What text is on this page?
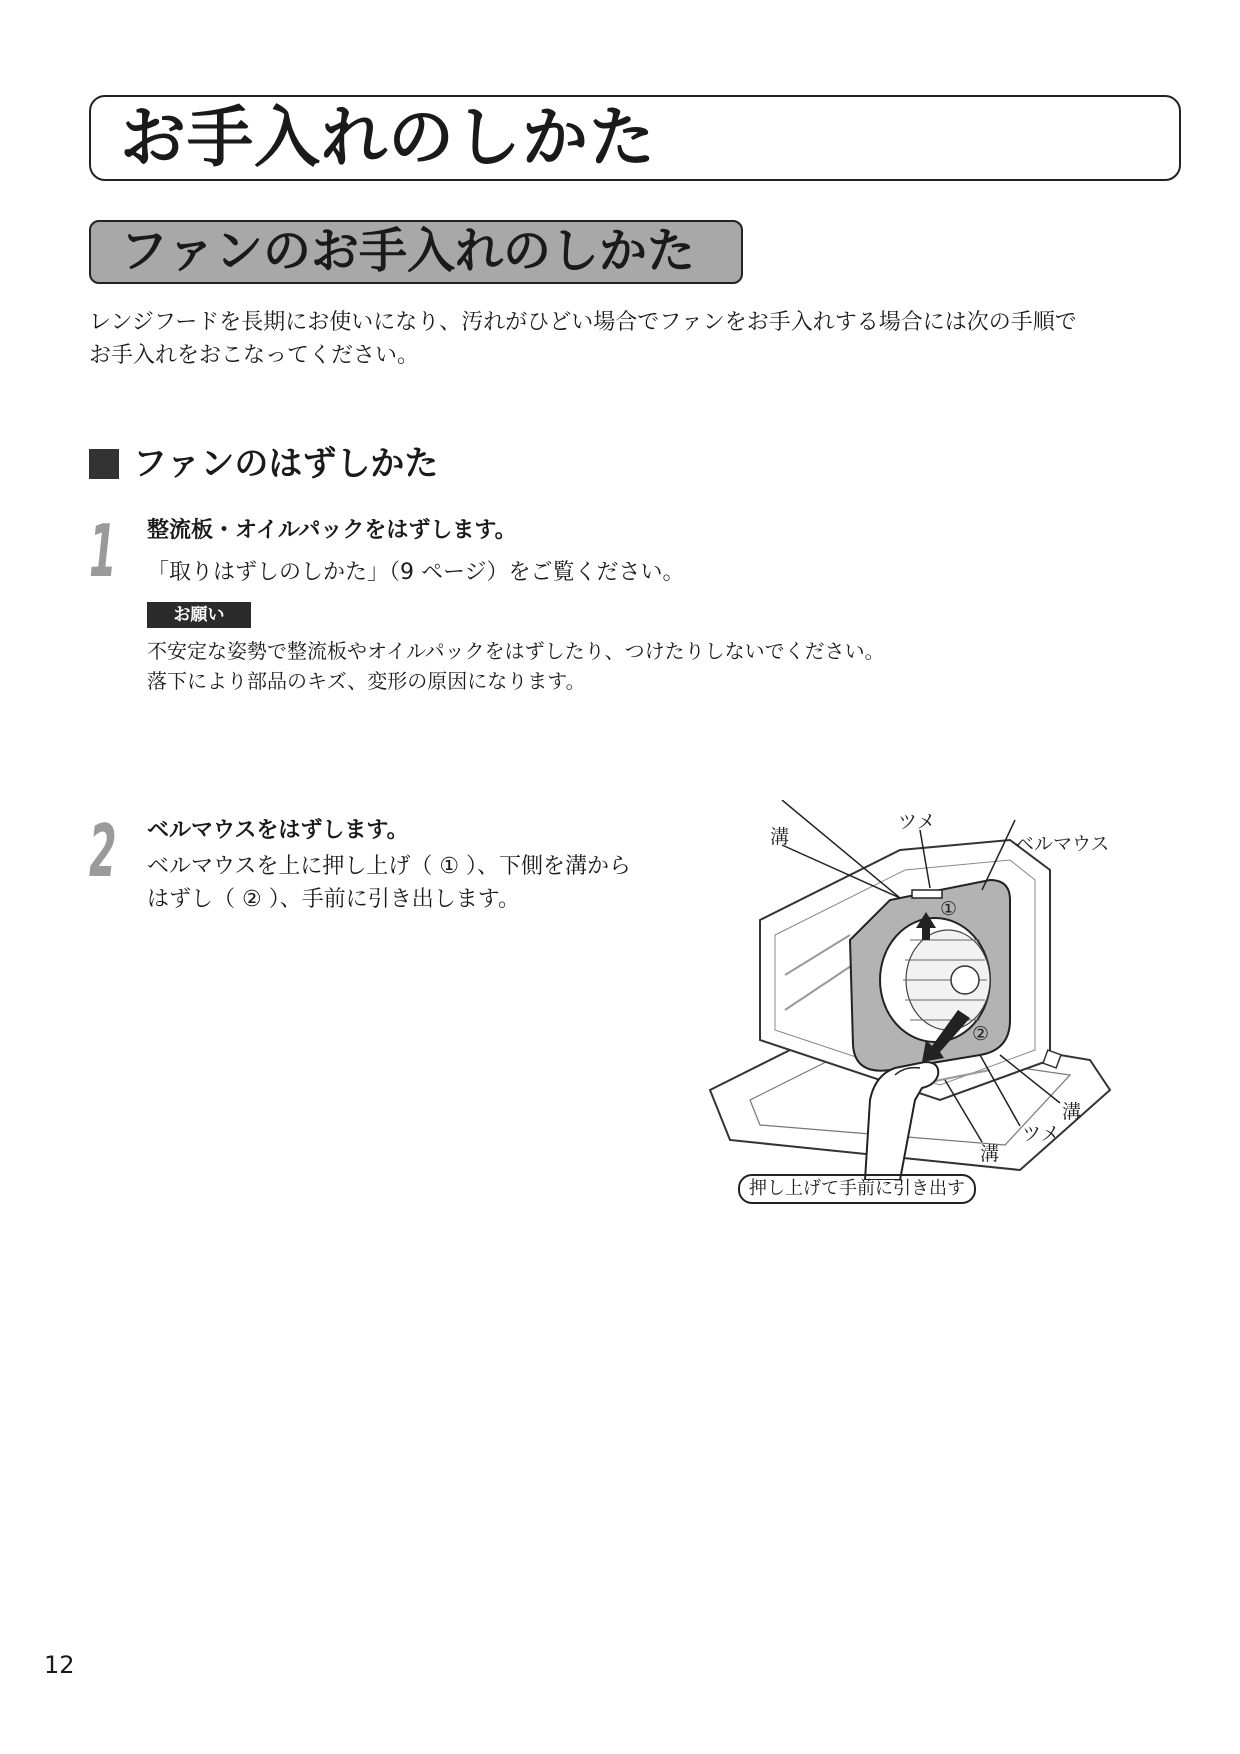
お手入れのしかた
ファンのお手入れのしかた

レンジフードを長期にお使いになり、汚れがひどい場合でファンをお手入れする場合には次の手順で

お手入れをおこなってください。

ファンのはずしかた
1 整流板・オイルパックをはずします。

「取りはずしのしかた」（9 ページ）をご覧ください。

お願い

不安定な姿勢で整流板やオイルパックをはずしたり、つけたりしないでください。

落下により部品のキズ、変形の原因になります。

2 ベルマウスをはずします。

ベルマウスを上に押し上げ（ ① ）、下側を溝から

はずし（ ② ）、手前に引き出します。

溝
ツメ
ベルマウス
溝
ツメ
溝
①
②
押し上げて手前に引き出す
12
